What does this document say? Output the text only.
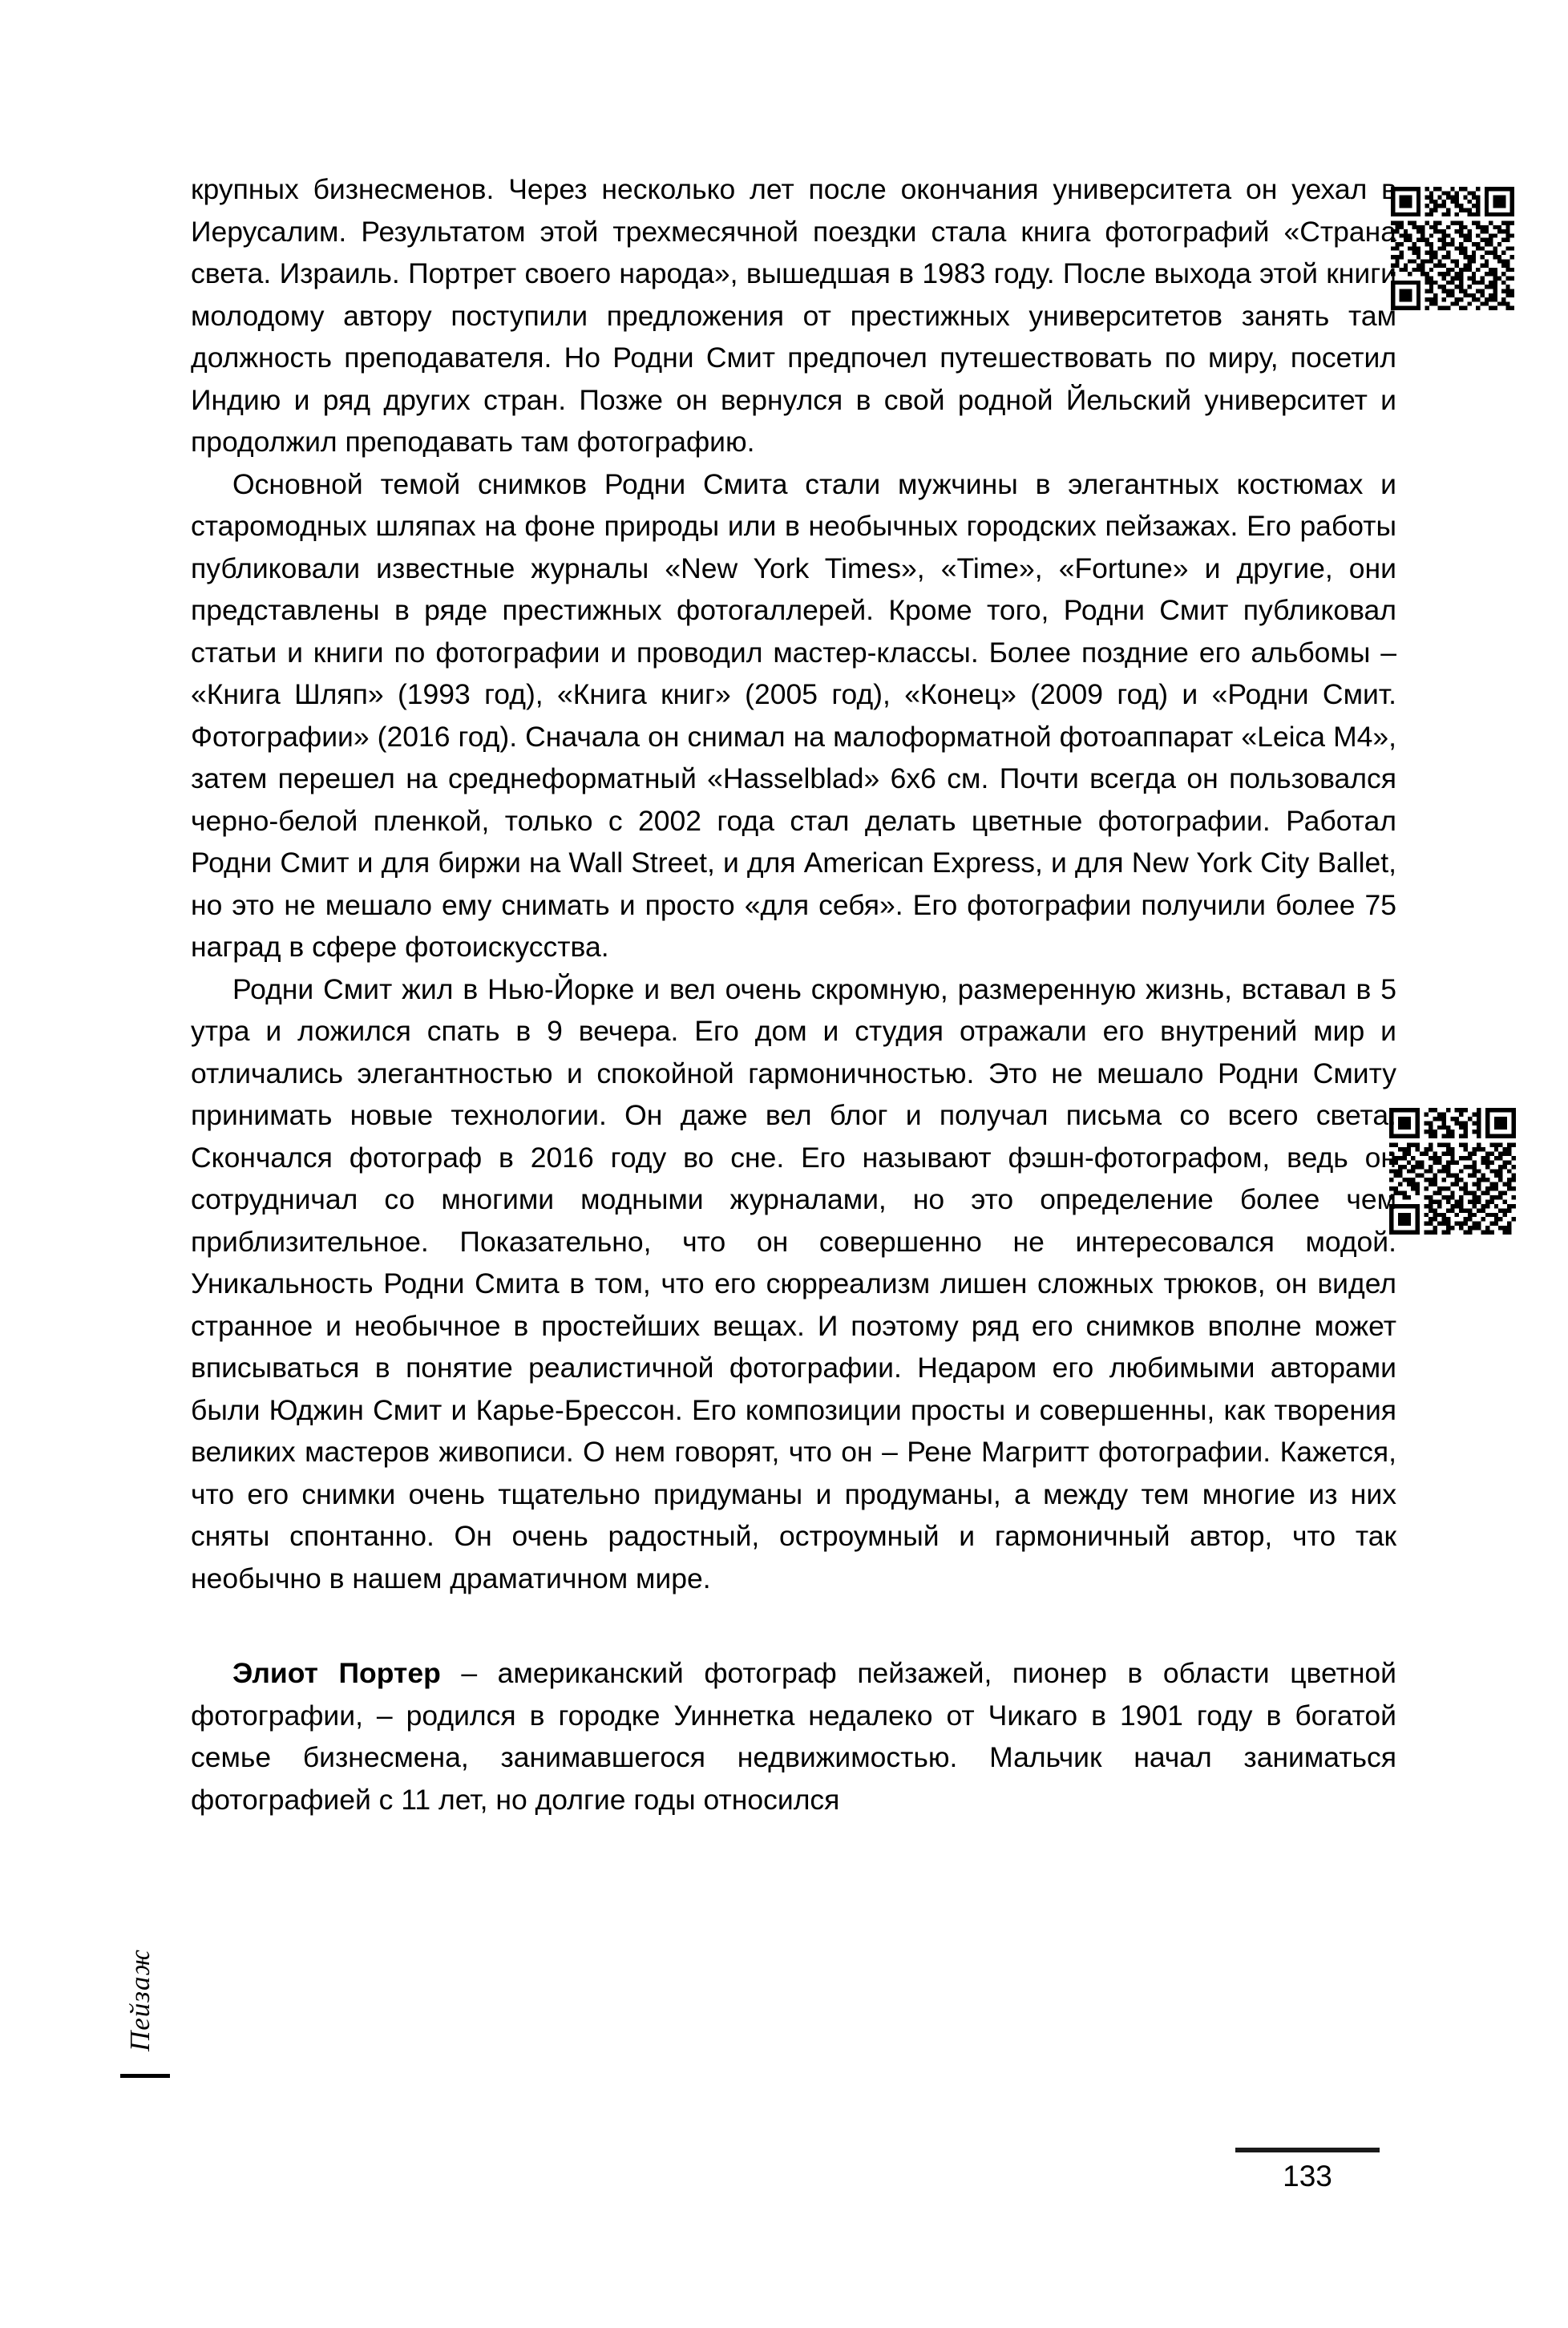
крупных бизнесменов. Через несколько лет после окончания университета он уехал в Иерусалим. Результатом этой трехмесячной поездки стала книга фотографий «Страна света. Израиль. Портрет своего народа», вышедшая в 1983 году. После выхода этой книги молодому автору поступили предложения от престижных университетов занять там должность преподавателя. Но Родни Смит предпочел путешествовать по миру, посетил Индию и ряд других стран. Позже он вернулся в свой родной Йельский университет и продолжил преподавать там фотографию.

Основной темой снимков Родни Смита стали мужчины в элегантных костюмах и старомодных шляпах на фоне природы или в необычных городских пейзажах. Его работы публиковали известные журналы «New York Times», «Time», «Fortune» и другие, они представлены в ряде престижных фотогаллерей. Кроме того, Родни Смит публиковал статьи и книги по фотографии и проводил мастер-классы. Более поздние его альбомы – «Книга Шляп» (1993 год), «Книга книг» (2005 год), «Конец» (2009 год) и «Родни Смит. Фотографии» (2016 год). Сначала он снимал на малоформатной фотоаппарат «Leica M4», затем перешел на среднеформатный «Hasselblad» 6x6 см. Почти всегда он пользовался черно-белой пленкой, только с 2002 года стал делать цветные фотографии. Работал Родни Смит и для биржи на Wall Street, и для American Express, и для New York City Ballet, но это не мешало ему снимать и просто «для себя». Его фотографии получили более 75 наград в сфере фотоискусства.

Родни Смит жил в Нью-Йорке и вел очень скромную, размеренную жизнь, вставал в 5 утра и ложился спать в 9 вечера. Его дом и студия отражали его внутрений мир и отличались элегантностью и спокойной гармоничностью. Это не мешало Родни Смиту принимать новые технологии. Он даже вел блог и получал письма со всего света. Скончался фотограф в 2016 году во сне. Его называют фэшн-фотографом, ведь он сотрудничал со многими модными журналами, но это определение более чем приблизительное. Показательно, что он совершенно не интересовался модой. Уникальность Родни Смита в том, что его сюрреализм лишен сложных трюков, он видел странное и необычное в простейших вещах. И поэтому ряд его снимков вполне может вписываться в понятие реалистичной фотографии. Недаром его любимыми авторами были Юджин Смит и Карье-Брессон. Его композиции просты и совершенны, как творения великих мастеров живописи. О нем говорят, что он – Рене Магритт фотографии. Кажется, что его снимки очень тщательно придуманы и продуманы, а между тем многие из них сняты спонтанно. Он очень радостный, остроумный и гармоничный автор, что так необычно в нашем драматичном мире.

Элиот Портер – американский фотограф пейзажей, пионер в области цветной фотографии, – родился в городке Уиннетка недалеко от Чикаго в 1901 году в богатой семье бизнесмена, занимавшегося недвижимостью. Мальчик начал заниматься фотографией с 11 лет, но долгие годы относился

Пейзаж
133
